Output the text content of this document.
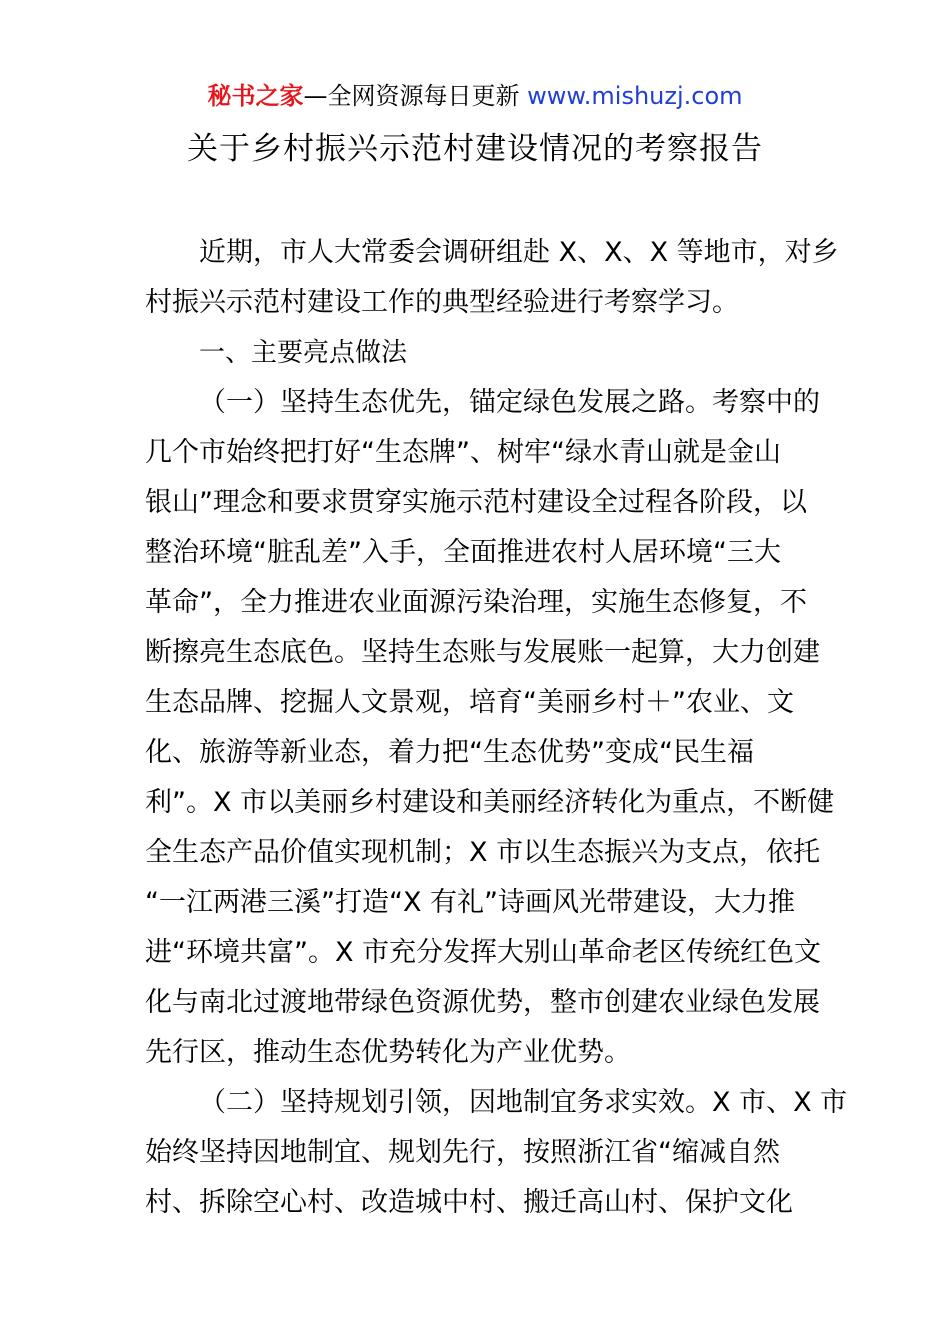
秘书之家—全网资源每日更新 www.mishuzj.com
关于乡村振兴示范村建设情况的考察报告
近期，市人大常委会调研组赴 X、X、X 等地市，对乡
村振兴示范村建设工作的典型经验进行考察学习。
一、主要亮点做法
（一）坚持生态优先，锚定绿色发展之路。考察中的
几个市始终把打好“生态牌”、树牢“绿水青山就是金山
银山”理念和要求贯穿实施示范村建设全过程各阶段，以
整治环境“脏乱差”入手，全面推进农村人居环境“三大
革命”，全力推进农业面源污染治理，实施生态修复，不
断擦亮生态底色。坚持生态账与发展账一起算，大力创建
生态品牌、挖掘人文景观，培育“美丽乡村＋”农业、文
化、旅游等新业态，着力把“生态优势”变成“民生福
利”。X 市以美丽乡村建设和美丽经济转化为重点，不断健
全生态产品价值实现机制；X 市以生态振兴为支点，依托
“一江两港三溪”打造“X 有礼”诗画风光带建设，大力推
进“环境共富”。X 市充分发挥大别山革命老区传统红色文
化与南北过渡地带绿色资源优势，整市创建农业绿色发展
先行区，推动生态优势转化为产业优势。
（二）坚持规划引领，因地制宜务求实效。X 市、X 市
始终坚持因地制宜、规划先行，按照浙江省“缩减自然
村、拆除空心村、改造城中村、搬迁高山村、保护文化
